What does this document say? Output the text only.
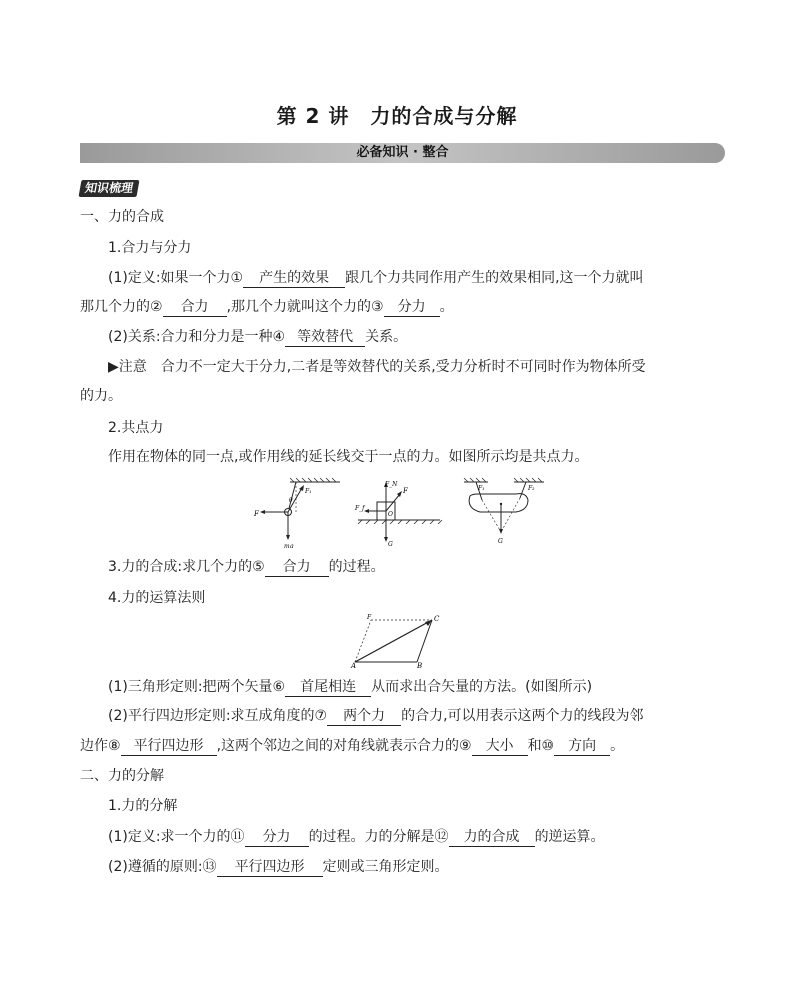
第 2 讲　力的合成与分解
必备知识 · 整合
知识梳理
一、力的合成
1.合力与分力
(1)定义:如果一个力① 产生的效果 跟几个力共同作用产生的效果相同,这一个力就叫
那几个力的② 合力 ,那几个力就叫这个力的③ 分力 。
(2)关系:合力和分力是一种④ 等效替代 关系。
▶注意　合力不一定大于分力,二者是等效替代的关系,受力分析时不可同时作为物体所受
的力。
2.共点力
作用在物体的同一点,或作用线的延长线交于一点的力。如图所示均是共点力。
F
F₁
θ
mg
F_N
F
F_f
O
G
F₁	F₂
G
3.力的合成:求几个力的⑤ 合力 的过程。
4.力的运算法则
A	B
C
F
(1)三角形定则:把两个矢量⑥ 首尾相连 从而求出合矢量的方法。(如图所示)
(2)平行四边形定则:求互成角度的⑦ 两个力 的合力,可以用表示这两个力的线段为邻
边作⑧ 平行四边形 ,这两个邻边之间的对角线就表示合力的⑨ 大小 和⑩ 方向 。
二、力的分解
1.力的分解
(1)定义:求一个力的⑪ 分力 的过程。力的分解是⑫ 力的合成 的逆运算。
(2)遵循的原则:⑬ 平行四边形 定则或三角形定则。
